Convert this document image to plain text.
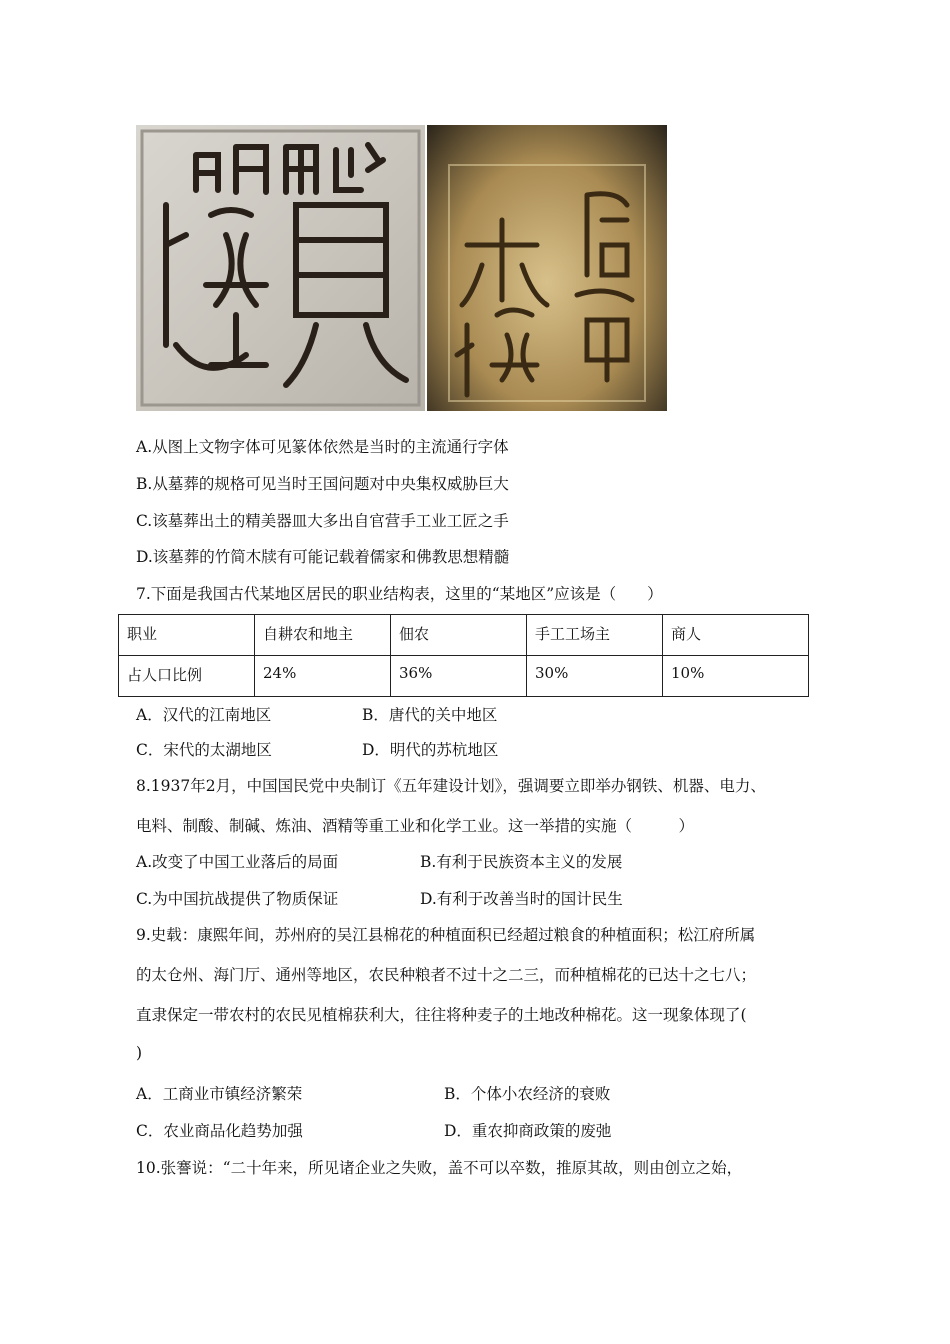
A.从图上文物字体可见篆体依然是当时的主流通行字体
B.从墓葬的规格可见当时王国问题对中央集权威胁巨大
C.该墓葬出土的精美器皿大多出自官营手工业工匠之手
D.该墓葬的竹简木牍有可能记载着儒家和佛教思想精髓
7.下面是我国古代某地区居民的职业结构表，这里的“某地区”应该是（　　）
职业	自耕农和地主	佃农	手工工场主	商人
占人口比例	24%	36%	30%	10%
A．汉代的江南地区	B．唐代的关中地区
C．宋代的太湖地区	D．明代的苏杭地区
8.1937年2月，中国国民党中央制订《五年建设计划》，强调要立即举办钢铁、机器、电力、
电料、制酸、制碱、炼油、酒精等重工业和化学工业。这一举措的实施（　　　）
A.改变了中国工业落后的局面	B.有利于民族资本主义的发展
C.为中国抗战提供了物质保证	D.有利于改善当时的国计民生
9.史载：康熙年间，苏州府的吴江县棉花的种植面积已经超过粮食的种植面积；松江府所属
的太仓州、海门厅、通州等地区，农民种粮者不过十之二三，而种植棉花的已达十之七八；
直隶保定一带农村的农民见植棉获利大，往往将种麦子的土地改种棉花。这一现象体现了(
)
A．工商业市镇经济繁荣	B．个体小农经济的衰败
C．农业商品化趋势加强	D．重农抑商政策的废弛
10.张謇说：“二十年来，所见诸企业之失败，盖不可以卒数，推原其故，则由创立之始，
